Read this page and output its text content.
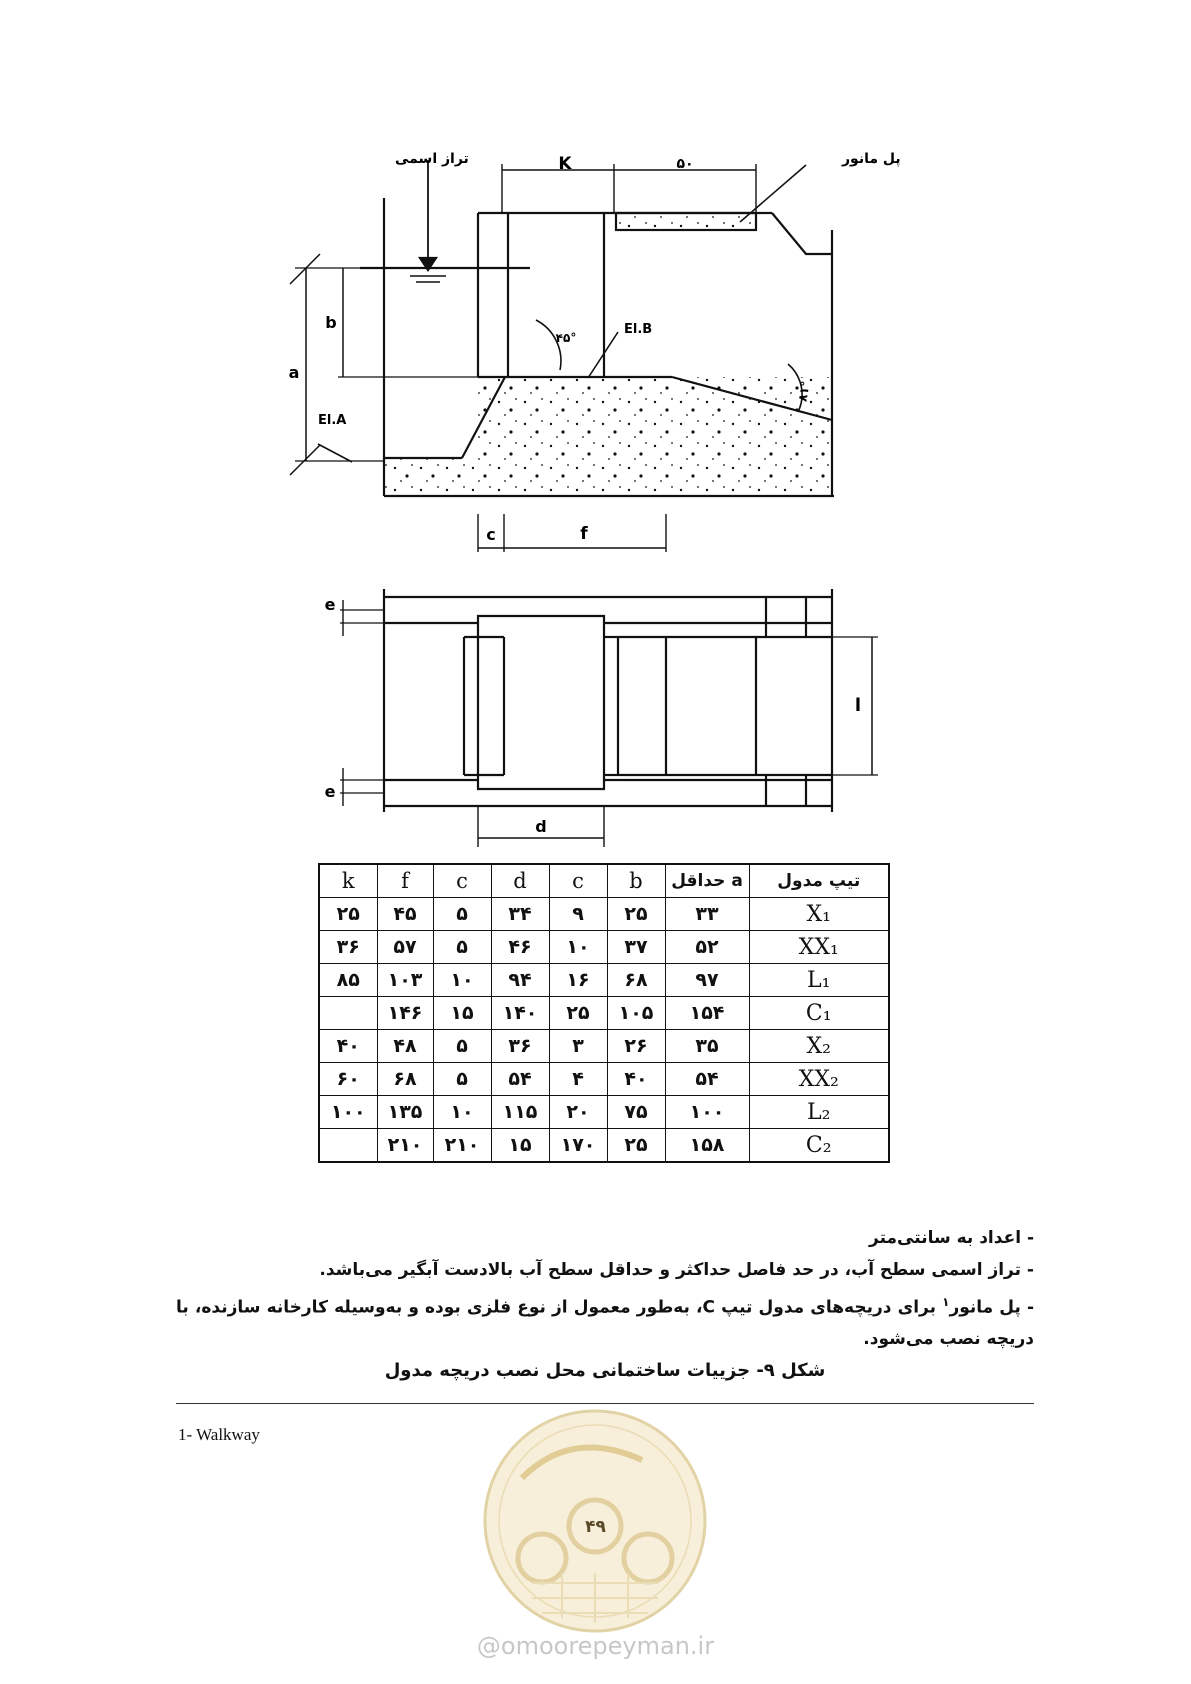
تراز اسمی	پل مانور
K	۵۰
b
a
۴۵°
۸۱°
El.B
El.A
c	f
e
e
l
d
k	f	c	d	c	b	a حداقل	تیپ مدول
۲۵	۴۵	۵	۳۴	۹	۲۵	۳۳	X₁
۳۶	۵۷	۵	۴۶	۱۰	۳۷	۵۲	XX₁
۸۵	۱۰۳	۱۰	۹۴	۱۶	۶۸	۹۷	L₁
	۱۴۶	۱۵	۱۴۰	۲۵	۱۰۵	۱۵۴	C₁
۴۰	۴۸	۵	۳۶	۳	۲۶	۳۵	X₂
۶۰	۶۸	۵	۵۴	۴	۴۰	۵۴	XX₂
۱۰۰	۱۳۵	۱۰	۱۱۵	۲۰	۷۵	۱۰۰	L₂
	۲۱۰	۲۱۰	۱۵	۱۷۰	۲۵	۱۵۸	C₂
- اعداد به سانتی‌متر
- تراز اسمی سطح آب، در حد فاصل حداکثر و حداقل سطح آب بالادست آبگیر می‌باشد.
- پل مانور$^۱$ برای دریچه‌های مدول تیپ C، به‌طور معمول از نوع فلزی بوده و به‌وسیله کارخانه سازنده، با دریچه نصب می‌شود.
شکل ۹- جزییات ساختمانی محل نصب دریچه مدول
1- Walkway
۴۹
@omoorepeyman.ir
